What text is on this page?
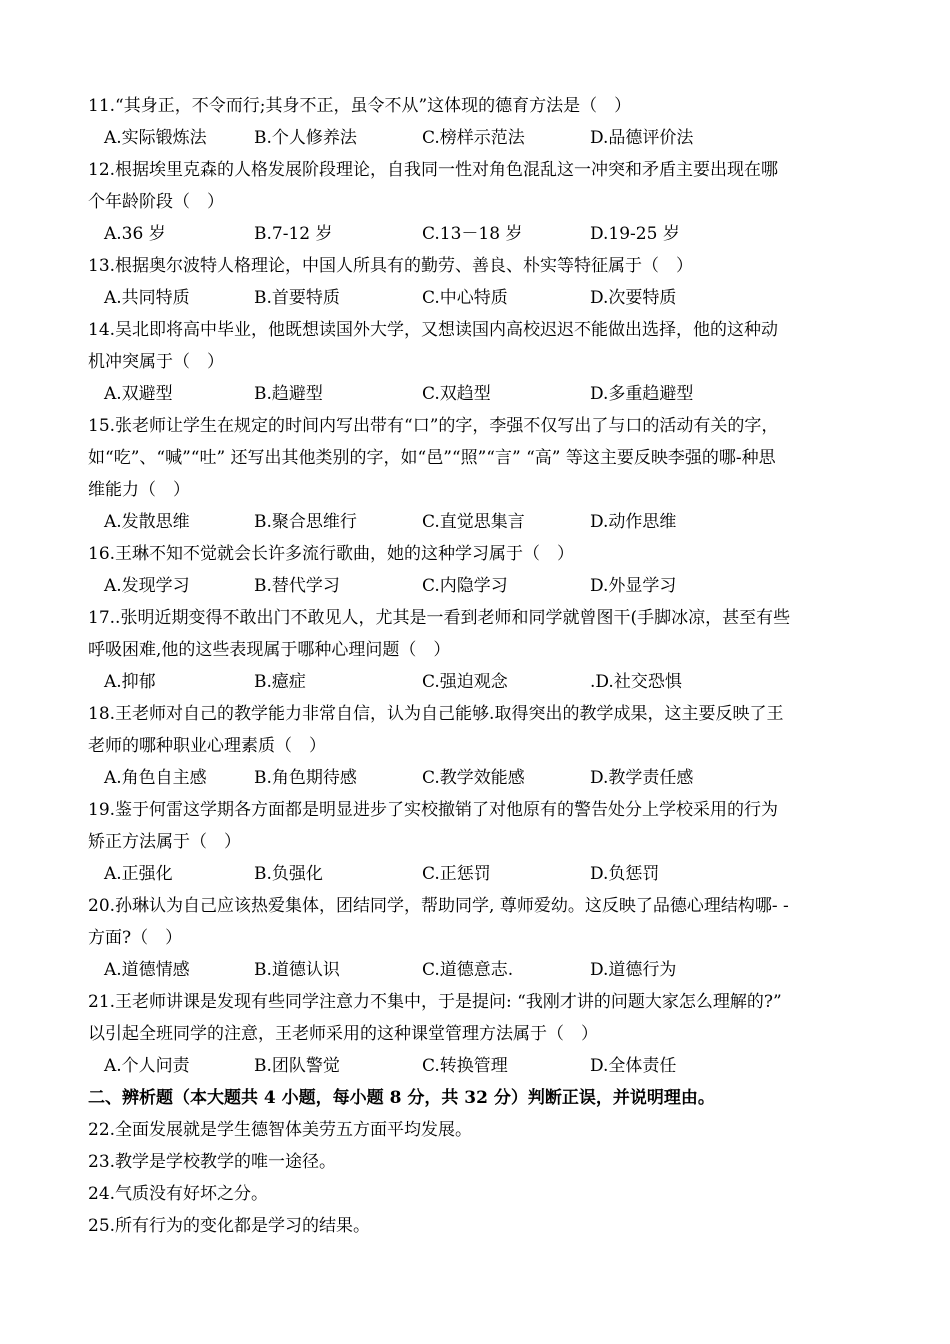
11.“其身正，不令而行;其身不正，虽令不从”这体现的德育方法是（　）
A.实际锻炼法	B.个人修养法	C.榜样示范法	D.品德评价法
12.根据埃里克森的人格发展阶段理论，自我同一性对角色混乱这一冲突和矛盾主要出现在哪
个年龄阶段（　）
A.36 岁	B.7-12 岁	C.13－18 岁	D.19-25 岁
13.根据奥尔波特人格理论，中国人所具有的勤劳、善良、朴实等特征属于（　）
A.共同特质	B.首要特质	C.中心特质	D.次要特质
14.吴北即将高中毕业，他既想读国外大学，又想读国内高校迟迟不能做出选择，他的这种动
机冲突属于（　）
A.双避型	B.趋避型	C.双趋型	D.多重趋避型
15.张老师让学生在规定的时间内写出带有“口”的字，李强不仅写出了与口的活动有关的字，
如“吃”、“喊”“吐” 还写出其他类别的字，如“邑”“照”“言” “高” 等这主要反映李强的哪-种思
维能力（　）
A.发散思维	B.聚合思维行	C.直觉思集言	D.动作思维
16.王琳不知不觉就会长许多流行歌曲，她的这种学习属于（　）
A.发现学习	B.替代学习	C.内隐学习	D.外显学习
17..张明近期变得不敢出门不敢见人，尤其是一看到老师和同学就曾图干(手脚冰凉，甚至有些
呼吸困难,他的这些表现属于哪种心理问题（　）
A.抑郁	B.癔症	C.强迫观念	.D.社交恐惧
18.王老师对自己的教学能力非常自信，认为自己能够.取得突出的教学成果，这主要反映了王
老师的哪种职业心理素质（　）
A.角色自主感	B.角色期待感	C.教学效能感	D.教学责任感
19.鉴于何雷这学期各方面都是明显进步了实校撤销了对他原有的警告处分上学校采用的行为
矫正方法属于（　）
A.正强化	B.负强化	C.正惩罚	D.负惩罚
20.孙琳认为自己应该热爱集体，团结同学，帮助同学, 尊师爱幼。这反映了品德心理结构哪- -
方面?（　）
A.道德情感	B.道德认识	C.道德意志.	D.道德行为
21.王老师讲课是发现有些同学注意力不集中，于是提问: “我刚才讲的问题大家怎么理解的?”
以引起全班同学的注意，王老师采用的这种课堂管理方法属于（　）
A.个人问责	B.团队警觉	C.转换管理	D.全体责任
二、辨析题（本大题共 4 小题，每小题 8 分，共 32 分）判断正误，并说明理由。
22.全面发展就是学生德智体美劳五方面平均发展。
23.教学是学校教学的唯一途径。
24.气质没有好坏之分。
25.所有行为的变化都是学习的结果。
